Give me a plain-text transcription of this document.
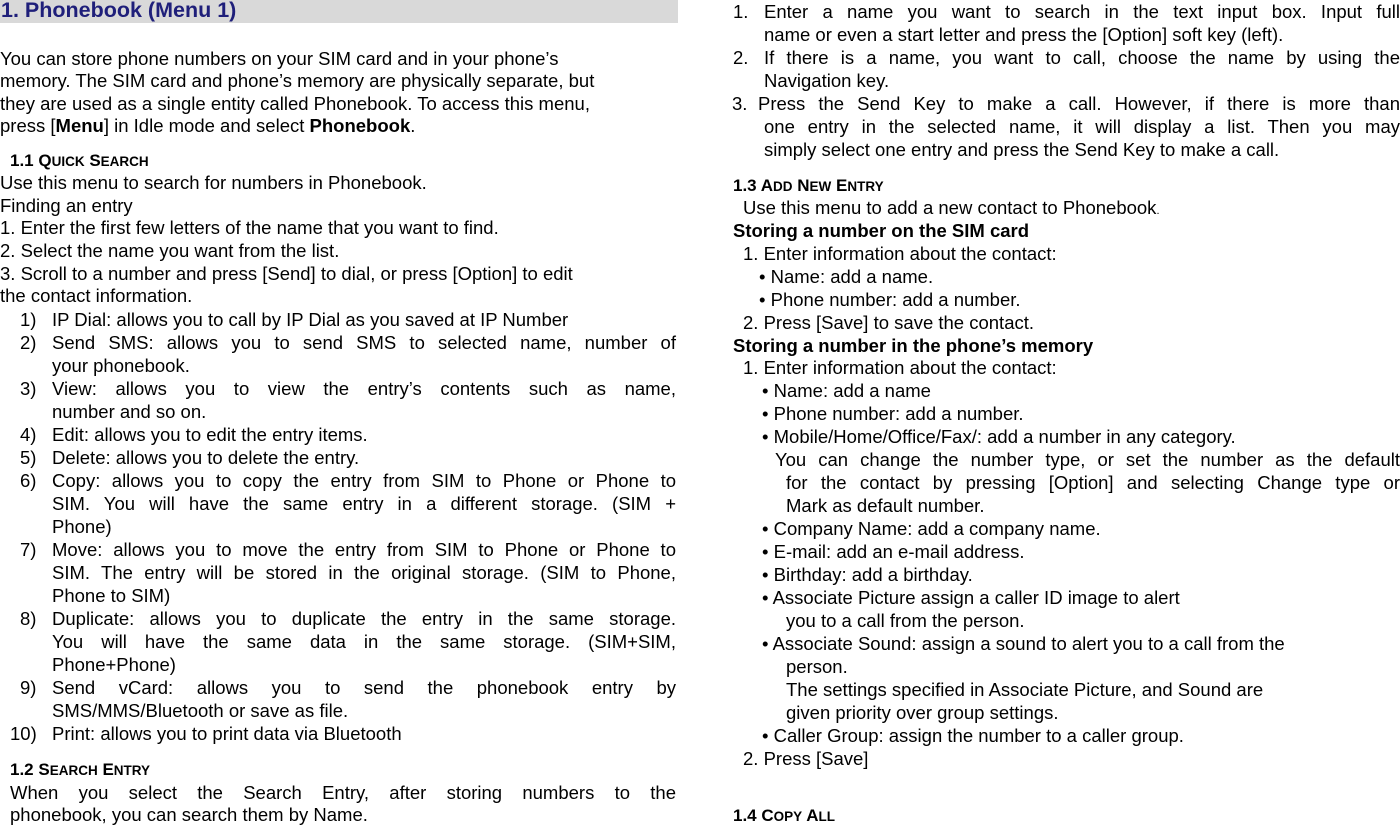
1. Phonebook (Menu 1)
You can store phone numbers on your SIM card and in your phone’s
memory. The SIM card and phone’s memory are physically separate, but
they are used as a single entity called Phonebook. To access this menu,
press [Menu] in Idle mode and select Phonebook.
1.1 QUICK SEARCH
Use this menu to search for numbers in Phonebook.
Finding an entry
1. Enter the first few letters of the name that you want to find.
2. Select the name you want from the list.
3. Scroll to a number and press [Send] to dial, or press [Option] to edit
the contact information.
1) IP Dial: allows you to call by IP Dial as you saved at IP Number
2) Send SMS: allows you to send SMS to selected name, number of
your phonebook.
3) View: allows you to view the entry’s contents such as name,
number and so on.
4) Edit: allows you to edit the entry items.
5) Delete: allows you to delete the entry.
6) Copy: allows you to copy the entry from SIM to Phone or Phone to
SIM. You will have the same entry in a different storage. (SIM +
Phone)
7) Move: allows you to move the entry from SIM to Phone or Phone to
SIM. The entry will be stored in the original storage. (SIM to Phone,
Phone to SIM)
8) Duplicate: allows you to duplicate the entry in the same storage.
You will have the same data in the same storage. (SIM+SIM,
Phone+Phone)
9) Send vCard: allows you to send the phonebook entry by
SMS/MMS/Bluetooth or save as file.
10) Print: allows you to print data via Bluetooth
1.2 SEARCH ENTRY
When you select the Search Entry, after storing numbers to the
phonebook, you can search them by Name.
1. Enter a name you want to search in the text input box. Input full
name or even a start letter and press the [Option] soft key (left).
2. If there is a name, you want to call, choose the name by using the
Navigation key.
3. Press the Send Key to make a call. However, if there is more than
one entry in the selected name, it will display a list. Then you may
simply select one entry and press the Send Key to make a call.
1.3 ADD NEW ENTRY
Use this menu to add a new contact to Phonebook.
Storing a number on the SIM card
1. Enter information about the contact:
• Name: add a name.
• Phone number: add a number.
2. Press [Save] to save the contact.
Storing a number in the phone’s memory
1. Enter information about the contact:
• Name: add a name
• Phone number: add a number.
• Mobile/Home/Office/Fax/: add a number in any category.
You can change the number type, or set the number as the default
for the contact by pressing [Option] and selecting Change type or
Mark as default number.
• Company Name: add a company name.
• E-mail: add an e-mail address.
• Birthday: add a birthday.
• Associate Picture assign a caller ID image to alert
you to a call from the person.
• Associate Sound: assign a sound to alert you to a call from the
person.
The settings specified in Associate Picture, and Sound are
given priority over group settings.
• Caller Group: assign the number to a caller group.
2. Press [Save]
1.4 COPY ALL
